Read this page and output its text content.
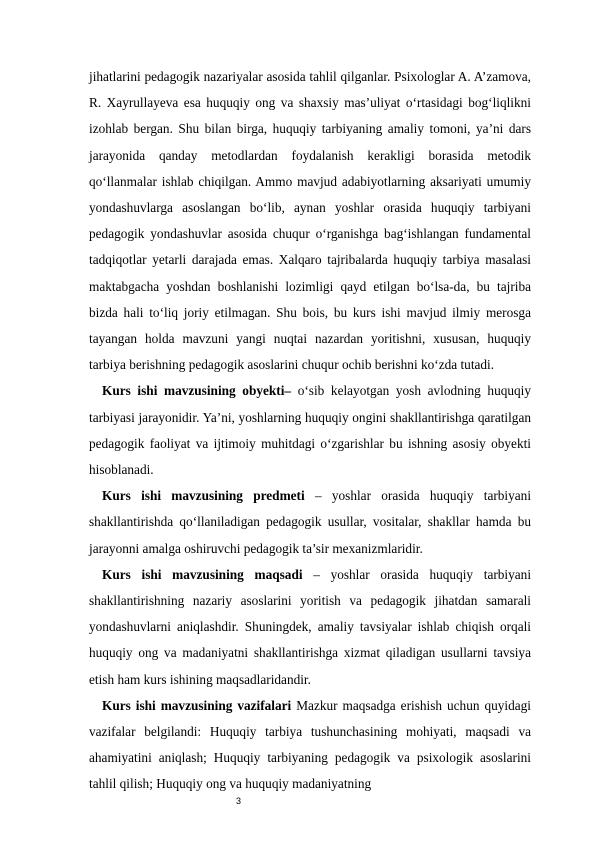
jihatlarini pedagogik nazariyalar asosida tahlil qilganlar. Psixologlar A. A’zamova, R. Xayrullayeva esa huquqiy ong va shaxsiy mas’uliyat o‘rtasidagi bog‘liqlikni izohlab bergan. Shu bilan birga, huquqiy tarbiyaning amaliy tomoni, ya’ni dars jarayonida qanday metodlardan foydalanish kerakligi borasida metodik qo‘llanmalar ishlab chiqilgan. Ammo mavjud adabiyotlarning aksariyati umumiy yondashuvlarga asoslangan bo‘lib, aynan yoshlar orasida huquqiy tarbiyani pedagogik yondashuvlar asosida chuqur o‘rganishga bag‘ishlangan fundamental tadqiqotlar yetarli darajada emas. Xalqaro tajribalarda huquqiy tarbiya masalasi maktabgacha yoshdan boshlanishi lozimligi qayd etilgan bo‘lsa-da, bu tajriba bizda hali to‘liq joriy etilmagan. Shu bois, bu kurs ishi mavjud ilmiy merosga tayangan holda mavzuni yangi nuqtai nazardan yoritishni, xususan, huquqiy tarbiya berishning pedagogik asoslarini chuqur ochib berishni ko‘zda tutadi.

Kurs ishi mavzusining obyekti– o‘sib kelayotgan yosh avlodning huquqiy tarbiyasi jarayonidir. Ya’ni, yoshlarning huquqiy ongini shakllantirishga qaratilgan pedagogik faoliyat va ijtimoiy muhitdagi o‘zgarishlar bu ishning asosiy obyekti hisoblanadi.

Kurs ishi mavzusining predmeti – yoshlar orasida huquqiy tarbiyani shakllantirishda qo‘llaniladigan pedagogik usullar, vositalar, shakllar hamda bu jarayonni amalga oshiruvchi pedagogik ta’sir mexanizmlaridir.

Kurs ishi mavzusining maqsadi – yoshlar orasida huquqiy tarbiyani shakllantirishning nazariy asoslarini yoritish va pedagogik jihatdan samarali yondashuvlarni aniqlashdir. Shuningdek, amaliy tavsiyalar ishlab chiqish orqali huquqiy ong va madaniyatni shakllantirishga xizmat qiladigan usullarni tavsiya etish ham kurs ishining maqsadlaridandir.

Kurs ishi mavzusining vazifalari Mazkur maqsadga erishish uchun quyidagi vazifalar belgilandi: Huquqiy tarbiya tushunchasining mohiyati, maqsadi va ahamiyatini aniqlash; Huquqiy tarbiyaning pedagogik va psixologik asoslarini tahlil qilish; Huquqiy ong va huquqiy madaniyatning

3
